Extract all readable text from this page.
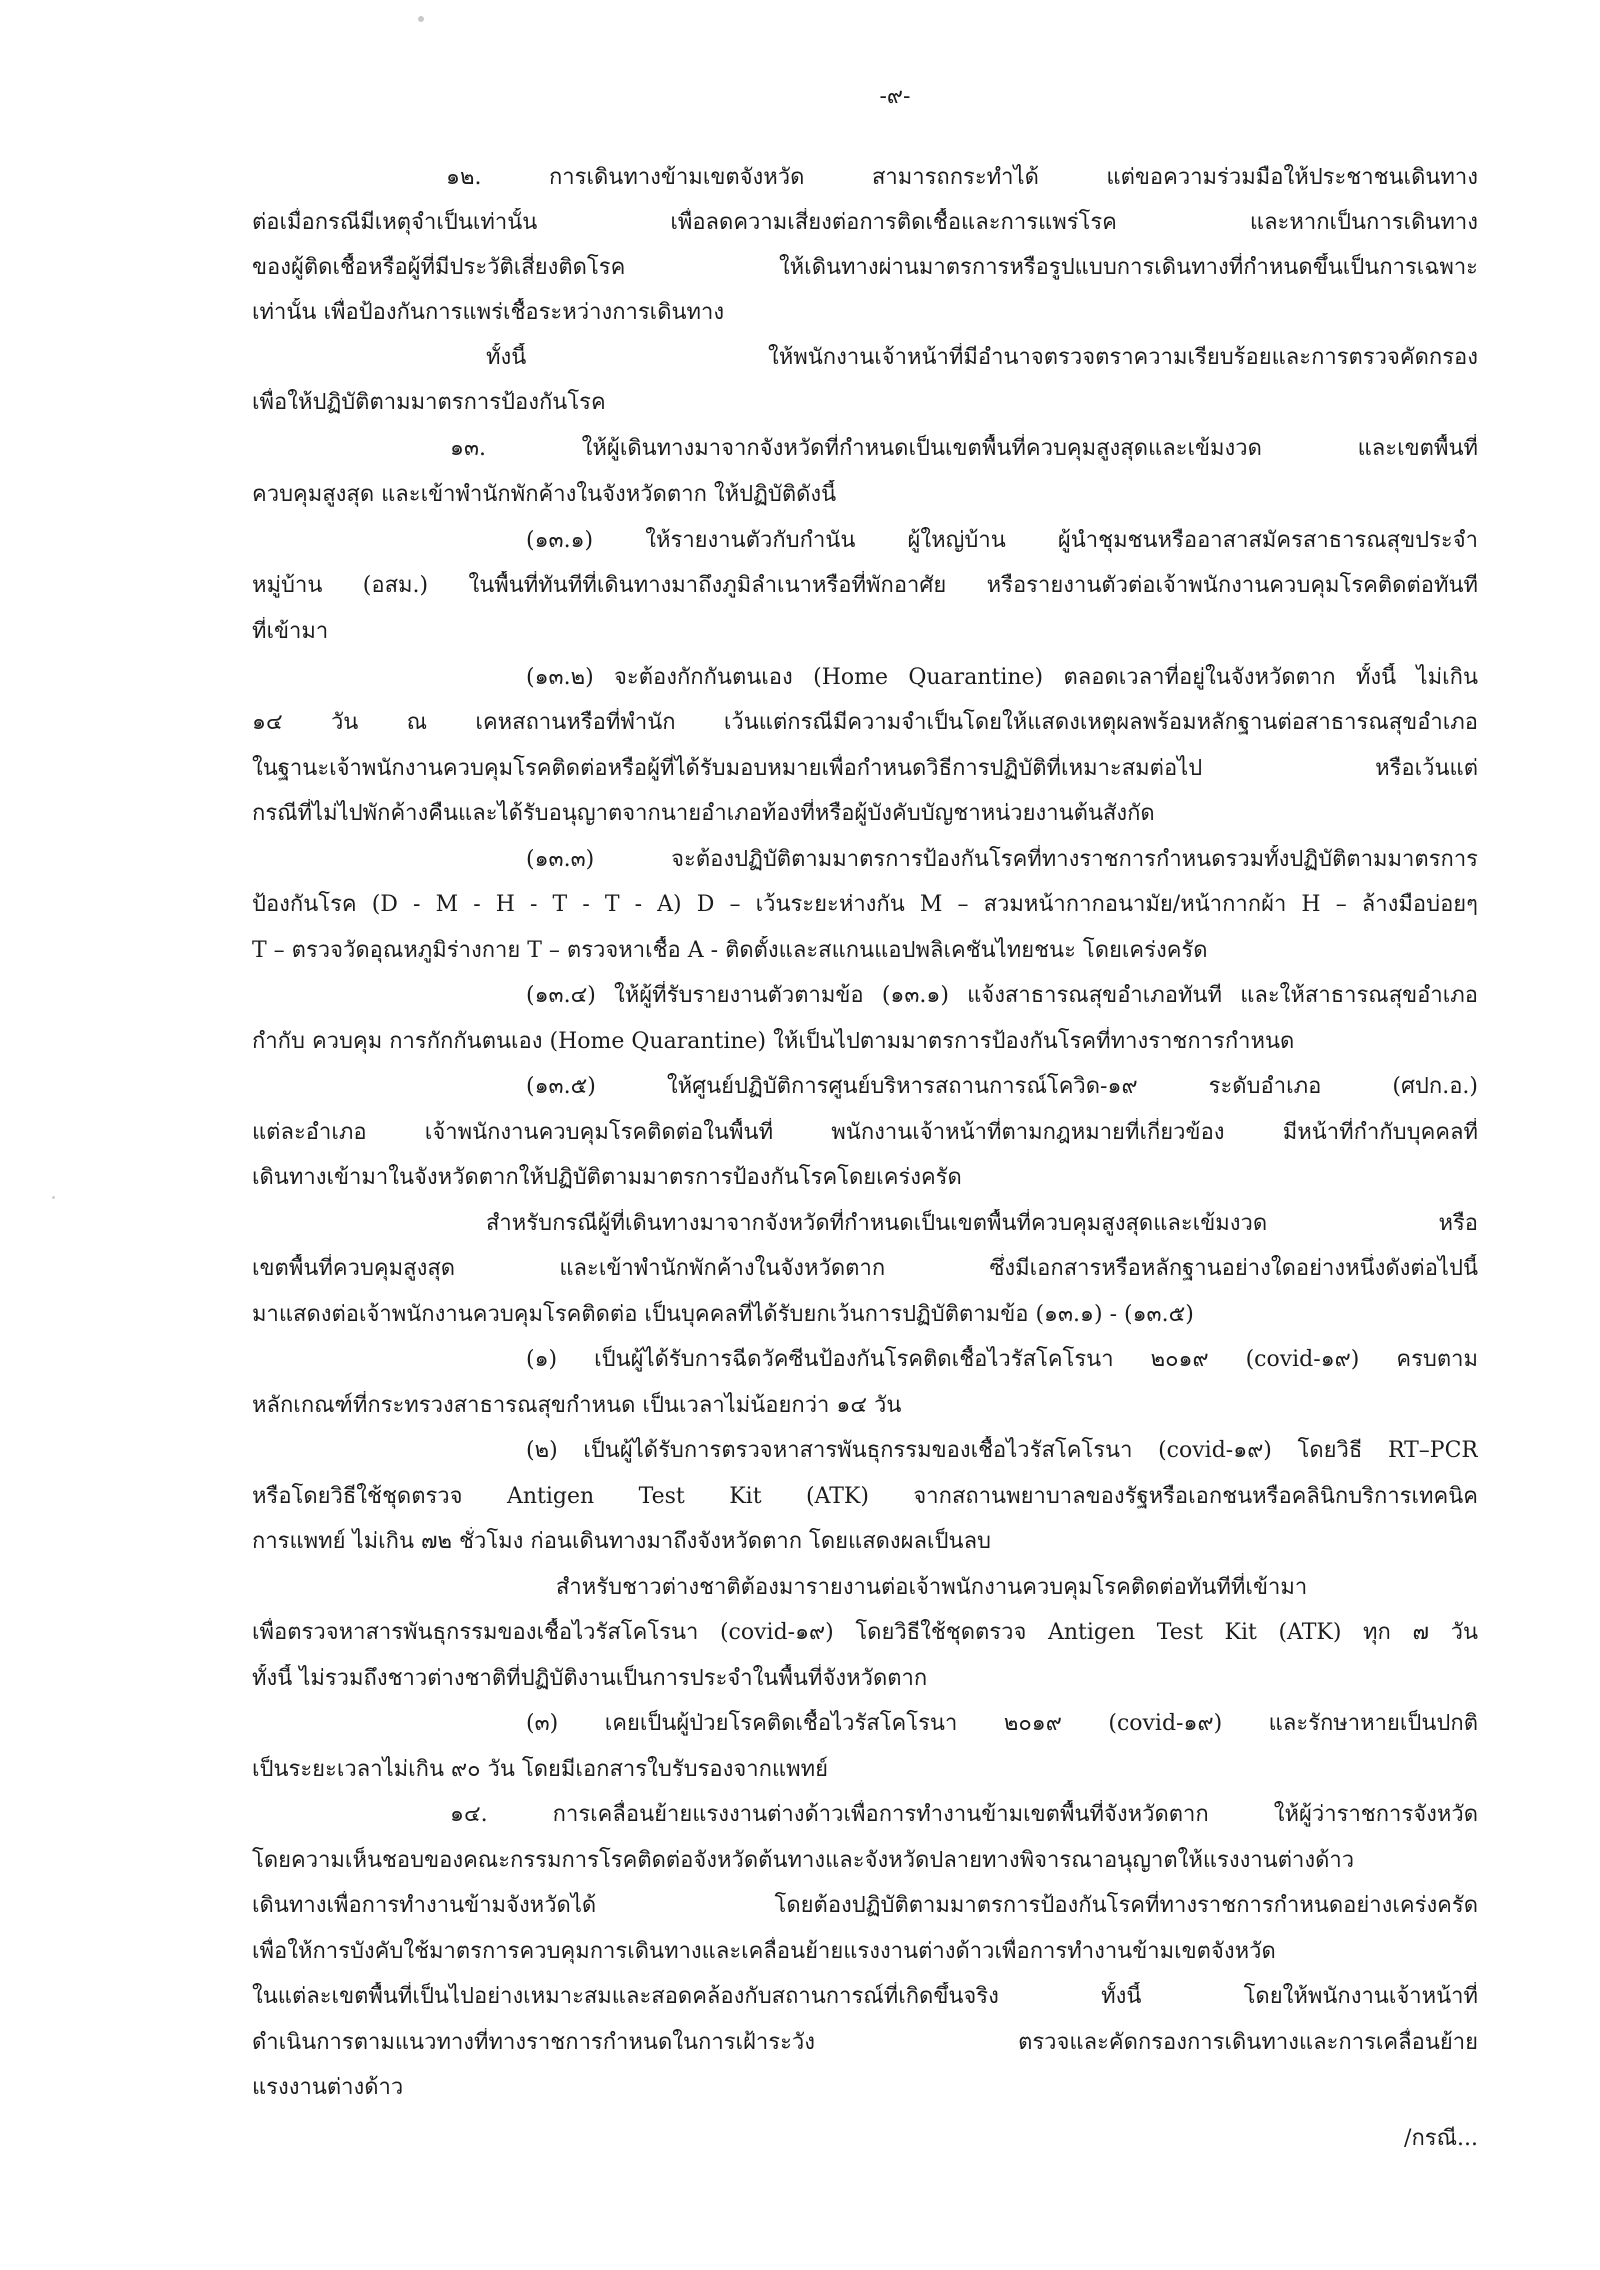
-๙-
๑๒. การเดินทางข้ามเขตจังหวัด สามารถกระทำได้ แต่ขอความร่วมมือให้ประชาชนเดินทาง
ต่อเมื่อกรณีมีเหตุจำเป็นเท่านั้น เพื่อลดความเสี่ยงต่อการติดเชื้อและการแพร่โรค และหากเป็นการเดินทาง
ของผู้ติดเชื้อหรือผู้ที่มีประวัติเสี่ยงติดโรค ให้เดินทางผ่านมาตรการหรือรูปแบบการเดินทางที่กำหนดขึ้นเป็นการเฉพาะ
เท่านั้น เพื่อป้องกันการแพร่เชื้อระหว่างการเดินทาง
ทั้งนี้ ให้พนักงานเจ้าหน้าที่มีอำนาจตรวจตราความเรียบร้อยและการตรวจคัดกรอง
เพื่อให้ปฏิบัติตามมาตรการป้องกันโรค
๑๓. ให้ผู้เดินทางมาจากจังหวัดที่กำหนดเป็นเขตพื้นที่ควบคุมสูงสุดและเข้มงวด และเขตพื้นที่
ควบคุมสูงสุด และเข้าพำนักพักค้างในจังหวัดตาก ให้ปฏิบัติดังนี้
(๑๓.๑) ให้รายงานตัวกับกำนัน ผู้ใหญ่บ้าน ผู้นำชุมชนหรืออาสาสมัครสาธารณสุขประจำ
หมู่บ้าน (อสม.) ในพื้นที่ทันทีที่เดินทางมาถึงภูมิลำเนาหรือที่พักอาศัย หรือรายงานตัวต่อเจ้าพนักงานควบคุมโรคติดต่อทันที
ที่เข้ามา
(๑๓.๒) จะต้องกักกันตนเอง (Home Quarantine) ตลอดเวลาที่อยู่ในจังหวัดตาก ทั้งนี้ ไม่เกิน
๑๔ วัน ณ เคหสถานหรือที่พำนัก เว้นแต่กรณีมีความจำเป็นโดยให้แสดงเหตุผลพร้อมหลักฐานต่อสาธารณสุขอำเภอ
ในฐานะเจ้าพนักงานควบคุมโรคติดต่อหรือผู้ที่ได้รับมอบหมายเพื่อกำหนดวิธีการปฏิบัติที่เหมาะสมต่อไป หรือเว้นแต่
กรณีที่ไม่ไปพักค้างคืนและได้รับอนุญาตจากนายอำเภอท้องที่หรือผู้บังคับบัญชาหน่วยงานต้นสังกัด
(๑๓.๓) จะต้องปฏิบัติตามมาตรการป้องกันโรคที่ทางราชการกำหนดรวมทั้งปฏิบัติตามมาตรการ
ป้องกันโรค (D - M - H - T - T - A) D – เว้นระยะห่างกัน M – สวมหน้ากากอนามัย/หน้ากากผ้า H – ล้างมือบ่อยๆ
T – ตรวจวัดอุณหภูมิร่างกาย T – ตรวจหาเชื้อ A - ติดตั้งและสแกนแอปพลิเคชันไทยชนะ โดยเคร่งครัด
(๑๓.๔) ให้ผู้ที่รับรายงานตัวตามข้อ (๑๓.๑) แจ้งสาธารณสุขอำเภอทันที และให้สาธารณสุขอำเภอ
กำกับ ควบคุม การกักกันตนเอง (Home Quarantine) ให้เป็นไปตามมาตรการป้องกันโรคที่ทางราชการกำหนด
(๑๓.๕) ให้ศูนย์ปฏิบัติการศูนย์บริหารสถานการณ์โควิด-๑๙ ระดับอำเภอ (ศปก.อ.)
แต่ละอำเภอ เจ้าพนักงานควบคุมโรคติดต่อในพื้นที่ พนักงานเจ้าหน้าที่ตามกฎหมายที่เกี่ยวข้อง มีหน้าที่กำกับบุคคลที่
เดินทางเข้ามาในจังหวัดตากให้ปฏิบัติตามมาตรการป้องกันโรคโดยเคร่งครัด
สำหรับกรณีผู้ที่เดินทางมาจากจังหวัดที่กำหนดเป็นเขตพื้นที่ควบคุมสูงสุดและเข้มงวด หรือ
เขตพื้นที่ควบคุมสูงสุด และเข้าพำนักพักค้างในจังหวัดตาก ซึ่งมีเอกสารหรือหลักฐานอย่างใดอย่างหนึ่งดังต่อไปนี้
มาแสดงต่อเจ้าพนักงานควบคุมโรคติดต่อ เป็นบุคคลที่ได้รับยกเว้นการปฏิบัติตามข้อ (๑๓.๑) - (๑๓.๕)
(๑) เป็นผู้ได้รับการฉีดวัคซีนป้องกันโรคติดเชื้อไวรัสโคโรนา ๒๐๑๙ (covid-๑๙) ครบตาม
หลักเกณฑ์ที่กระทรวงสาธารณสุขกำหนด เป็นเวลาไม่น้อยกว่า ๑๔ วัน
(๒) เป็นผู้ได้รับการตรวจหาสารพันธุกรรมของเชื้อไวรัสโคโรนา (covid-๑๙) โดยวิธี RT–PCR
หรือโดยวิธีใช้ชุดตรวจ Antigen Test Kit (ATK) จากสถานพยาบาลของรัฐหรือเอกชนหรือคลินิกบริการเทคนิค
การแพทย์ ไม่เกิน ๗๒ ชั่วโมง ก่อนเดินทางมาถึงจังหวัดตาก โดยแสดงผลเป็นลบ
สำหรับชาวต่างชาติต้องมารายงานต่อเจ้าพนักงานควบคุมโรคติดต่อทันทีที่เข้ามา
เพื่อตรวจหาสารพันธุกรรมของเชื้อไวรัสโคโรนา (covid-๑๙) โดยวิธีใช้ชุดตรวจ Antigen Test Kit (ATK) ทุก ๗ วัน
ทั้งนี้ ไม่รวมถึงชาวต่างชาติที่ปฏิบัติงานเป็นการประจำในพื้นที่จังหวัดตาก
(๓) เคยเป็นผู้ป่วยโรคติดเชื้อไวรัสโคโรนา ๒๐๑๙ (covid-๑๙) และรักษาหายเป็นปกติ
เป็นระยะเวลาไม่เกิน ๙๐ วัน โดยมีเอกสารใบรับรองจากแพทย์
๑๔. การเคลื่อนย้ายแรงงานต่างด้าวเพื่อการทำงานข้ามเขตพื้นที่จังหวัดตาก ให้ผู้ว่าราชการจังหวัด
โดยความเห็นชอบของคณะกรรมการโรคติดต่อจังหวัดต้นทางและจังหวัดปลายทางพิจารณาอนุญาตให้แรงงานต่างด้าว
เดินทางเพื่อการทำงานข้ามจังหวัดได้ โดยต้องปฏิบัติตามมาตรการป้องกันโรคที่ทางราชการกำหนดอย่างเคร่งครัด
เพื่อให้การบังคับใช้มาตรการควบคุมการเดินทางและเคลื่อนย้ายแรงงานต่างด้าวเพื่อการทำงานข้ามเขตจังหวัด
ในแต่ละเขตพื้นที่เป็นไปอย่างเหมาะสมและสอดคล้องกับสถานการณ์ที่เกิดขึ้นจริง ทั้งนี้ โดยให้พนักงานเจ้าหน้าที่
ดำเนินการตามแนวทางที่ทางราชการกำหนดในการเฝ้าระวัง ตรวจและคัดกรองการเดินทางและการเคลื่อนย้าย
แรงงานต่างด้าว
/กรณี...
